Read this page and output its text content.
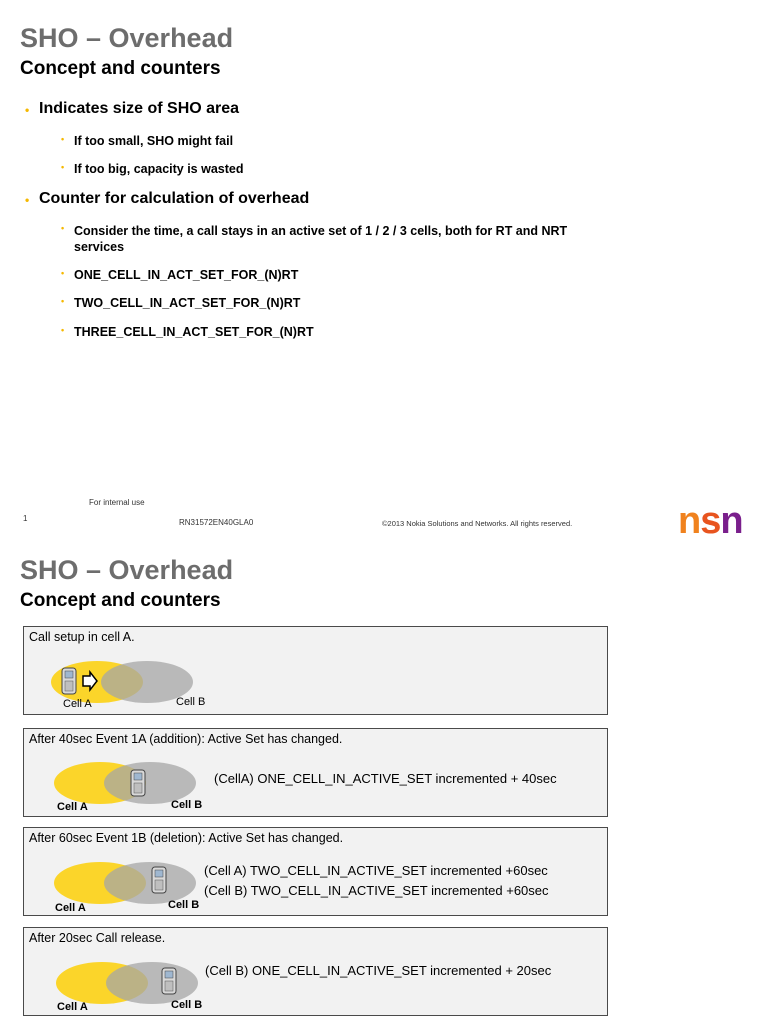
SHO – Overhead
Concept and counters
• Indicates size of SHO area
• If too small, SHO might fail
• If too big, capacity is wasted
• Counter for calculation of overhead
• Consider the time, a call stays in an active set of 1 / 2 / 3 cells, both for RT and NRT services
• ONE_CELL_IN_ACT_SET_FOR_(N)RT
• TWO_CELL_IN_ACT_SET_FOR_(N)RT
• THREE_CELL_IN_ACT_SET_FOR_(N)RT
For internal use
1	RN31572EN40GLA0	©2013 Nokia Solutions and Networks. All rights reserved.	nsn
SHO – Overhead
Concept and counters
Call setup in cell A.
Cell A	Cell B
After 40sec Event 1A (addition): Active Set has changed.
(CellA) ONE_CELL_IN_ACTIVE_SET incremented + 40sec
Cell A	Cell B
After 60sec Event 1B (deletion): Active Set has changed.
(Cell A) TWO_CELL_IN_ACTIVE_SET incremented +60sec
(Cell B) TWO_CELL_IN_ACTIVE_SET incremented +60sec
Cell A	Cell B
After 20sec Call release.
(Cell B) ONE_CELL_IN_ACTIVE_SET incremented + 20sec
Cell A	Cell B
